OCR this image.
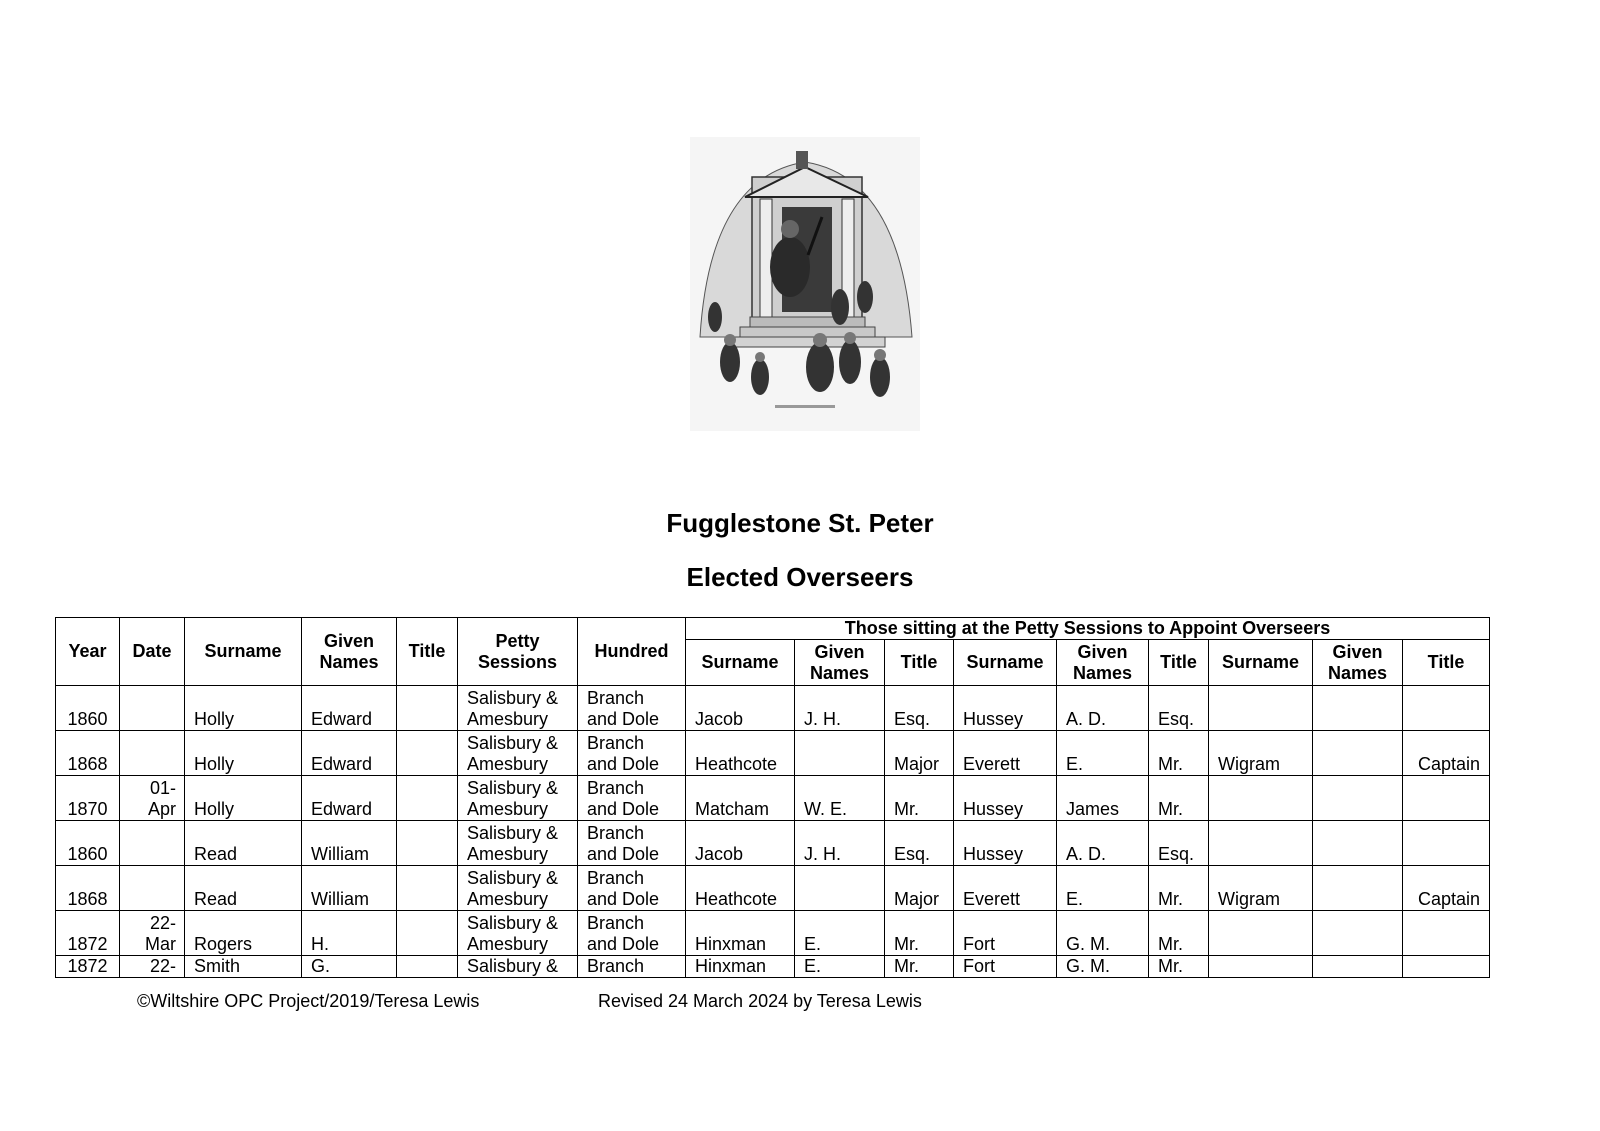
Fugglestone St. Peter
Elected Overseers
Year	Date	Surname	Given Names	Title	Petty Sessions	Hundred	Those sitting at the Petty Sessions to Appoint Overseers								
							Surname	Given Names	Title	Surname	Given Names	Title	Surname	Given Names	Title
1860		Holly	Edward		Salisbury & Amesbury	Branch and Dole	Jacob	J. H.	Esq.	Hussey	A. D.	Esq.			
1868		Holly	Edward		Salisbury & Amesbury	Branch and Dole	Heathcote		Major	Everett	E.	Mr.	Wigram		Captain
1870	01-Apr	Holly	Edward		Salisbury & Amesbury	Branch and Dole	Matcham	W. E.	Mr.	Hussey	James	Mr.			
1860		Read	William		Salisbury & Amesbury	Branch and Dole	Jacob	J. H.	Esq.	Hussey	A. D.	Esq.			
1868		Read	William		Salisbury & Amesbury	Branch and Dole	Heathcote		Major	Everett	E.	Mr.	Wigram		Captain
1872	22-Mar	Rogers	H.		Salisbury & Amesbury	Branch and Dole	Hinxman	E.	Mr.	Fort	G. M.	Mr.			
1872	22-	Smith	G.		Salisbury &	Branch	Hinxman	E.	Mr.	Fort	G. M.	Mr.			
©Wiltshire OPC Project/2019/Teresa Lewis	Revised 24 March 2024 by Teresa Lewis
